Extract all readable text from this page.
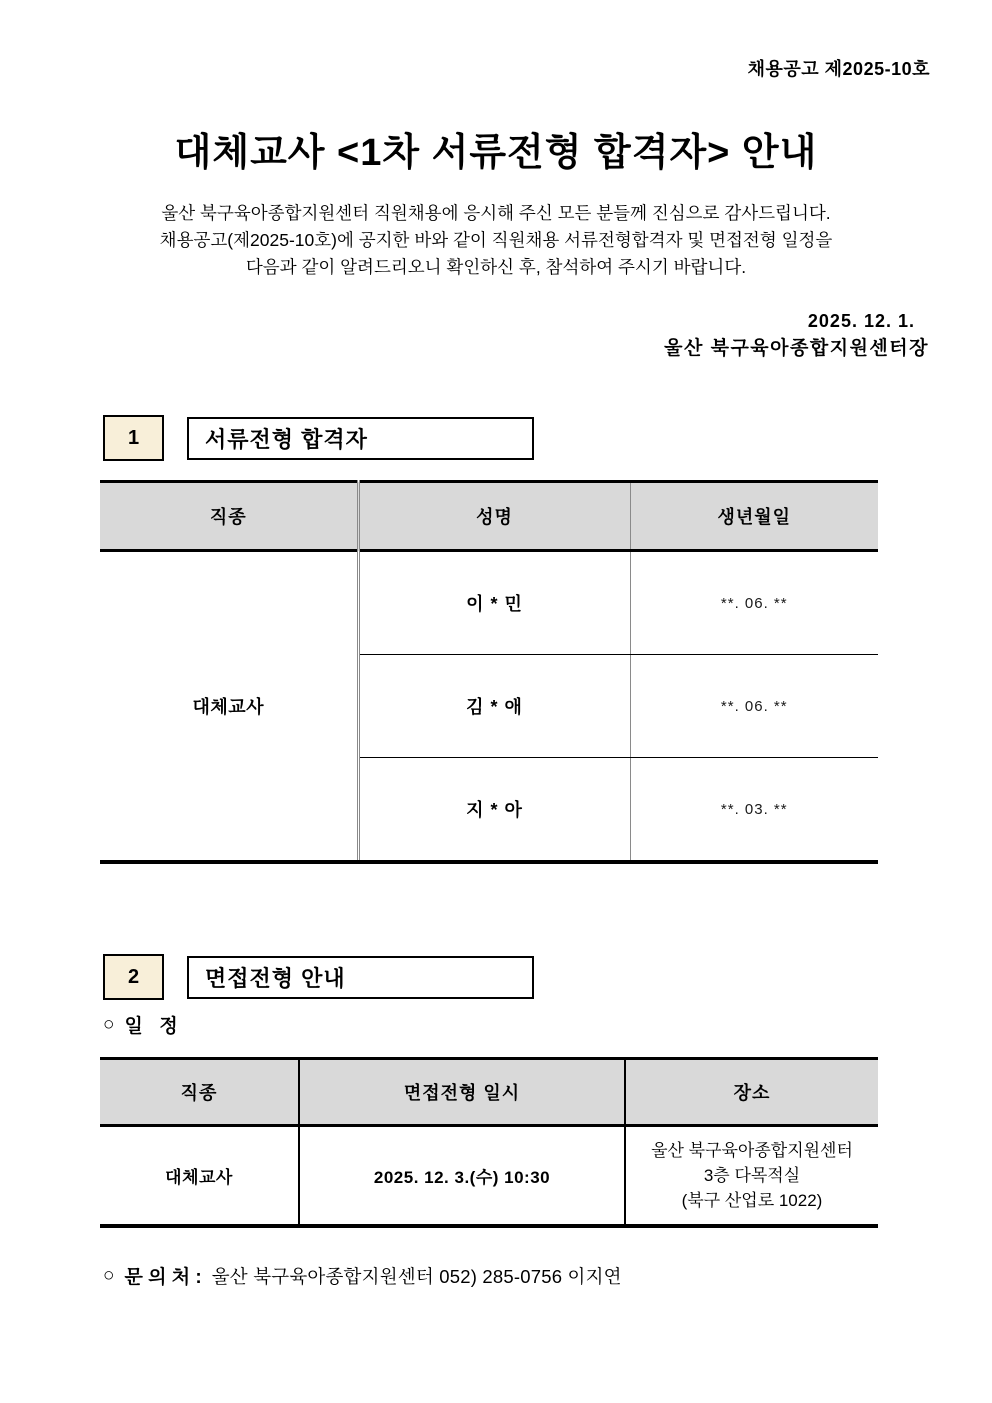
채용공고 제2025-10호
대체교사 <1차 서류전형 합격자> 안내
울산 북구육아종합지원센터 직원채용에 응시해 주신 모든 분들께 진심으로 감사드립니다.
채용공고(제2025-10호)에 공지한 바와 같이 직원채용 서류전형합격자 및 면접전형 일정을
다음과 같이 알려드리오니 확인하신 후, 참석하여 주시기 바랍니다.
2025. 12. 1.
울산 북구육아종합지원센터장
1	서류전형 합격자
직종	성명	생년월일
대체교사	이 * 민	**. 06. **
	김 * 애	**. 06. **
	지 * 아	**. 03. **
2	면접전형 안내
○ 일  정
직종	면접전형 일시	장소
대체교사	2025. 12. 3.(수) 10:30	울산 북구육아종합지원센터
3층 다목적실
(북구 산업로 1022)
○ 문 의 처 : 울산 북구육아종합지원센터 052) 285-0756 이지연
